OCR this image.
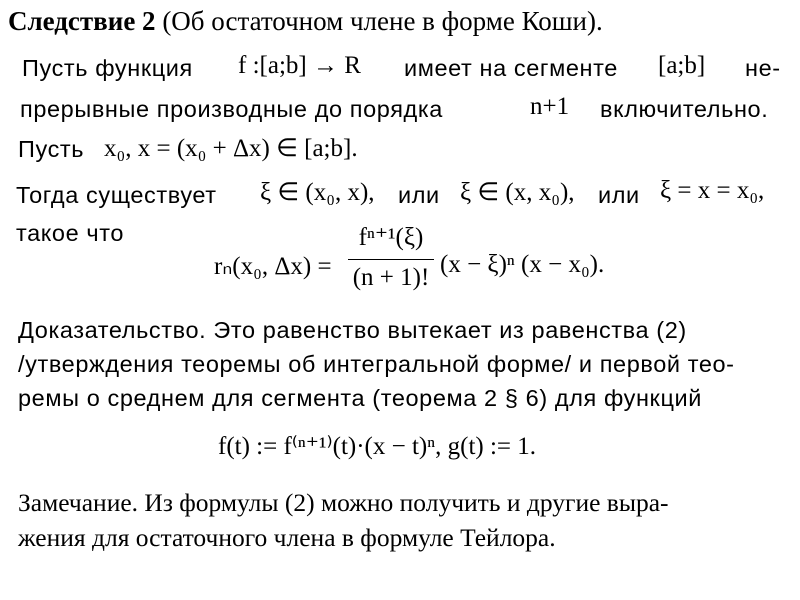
Следствие 2 (Об остаточном члене в форме Коши).
Пусть функция f :[a;b] → R имеет на сегменте [a;b] не-
прерывные производные до порядка	n+1 включительно.
Пусть x₀, x = (x₀ + Δx) ∈ [a;b].
Тогда существует ξ ∈ (x₀, x), или ξ ∈ (x, x₀), или ξ = x = x₀,
такое что
rₙ(x₀, Δx) =
fⁿ⁺¹(ξ)
(n + 1)! (x − ξ)ⁿ (x − x₀).
Доказательство. Это равенство вытекает из равенства (2)
/утверждения теоремы об интегральной форме/ и первой тео-
ремы о среднем для сегмента (теорема 2 § 6) для функций
f(t) := f⁽ⁿ⁺¹⁾(t)·(x − t)ⁿ, g(t) := 1.
Замечание. Из формулы (2) можно получить и другие выра-
жения для остаточного члена в формуле Тейлора.
